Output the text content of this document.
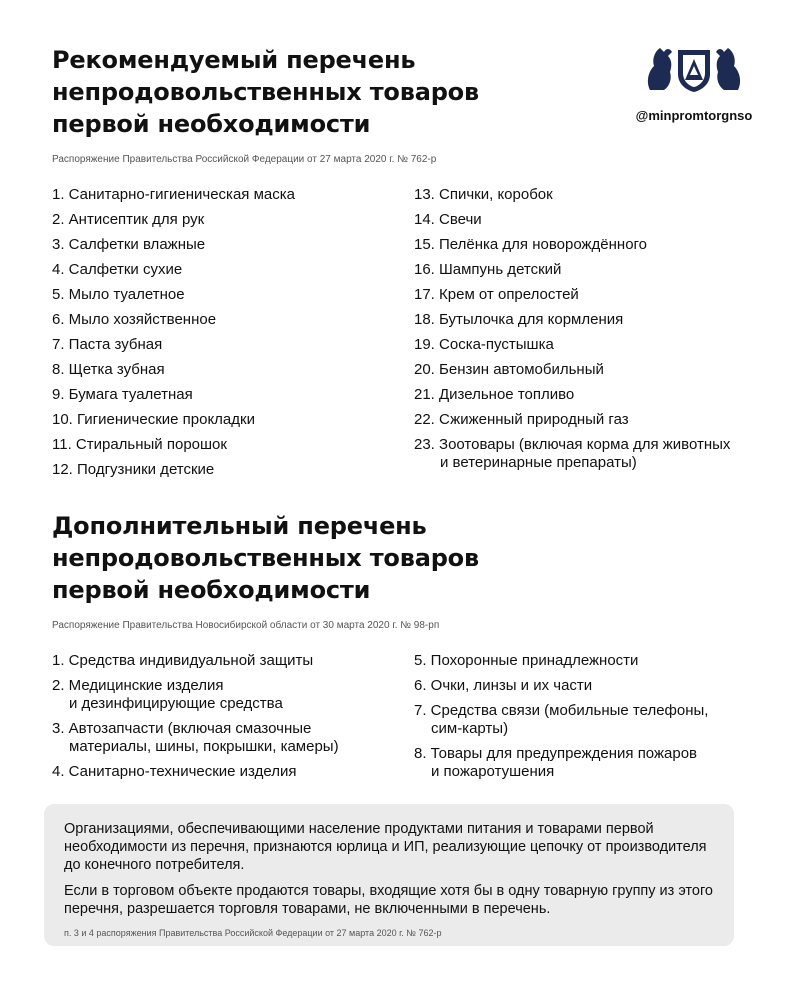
Рекомендуемый перечень
непродовольственных товаров
первой необходимости
Распоряжение Правительства Российской Федерации от 27 марта 2020 г. № 762-р
@minpromtorgnso
1. Санитарно-гигиеническая маска
2. Антисептик для рук
3. Салфетки влажные
4. Салфетки сухие
5. Мыло туалетное
6. Мыло хозяйственное
7. Паста зубная
8. Щетка зубная
9. Бумага туалетная
10. Гигиенические прокладки
11. Стиральный порошок
12. Подгузники детские
13. Спички, коробок
14. Свечи
15. Пелёнка для новорождённого
16. Шампунь детский
17. Крем от опрелостей
18. Бутылочка для кормления
19. Соска-пустышка
20. Бензин автомобильный
21. Дизельное топливо
22. Сжиженный природный газ
23. Зоотовары (включая корма для животных
и ветеринарные препараты)
Дополнительный перечень
непродовольственных товаров
первой необходимости
Распоряжение Правительства Новосибирской области от 30 марта 2020 г. № 98-рп
1. Средства индивидуальной защиты
2. Медицинские изделия
и дезинфицирующие средства
3. Автозапчасти (включая смазочные
материалы, шины, покрышки, камеры)
4. Санитарно-технические изделия
5. Похоронные принадлежности
6. Очки, линзы и их части
7. Средства связи (мобильные телефоны,
сим-карты)
8. Товары для предупреждения пожаров
и пожаротушения

Организациями, обеспечивающими население продуктами питания и товарами первой необходимости из перечня, признаются юрлица и ИП, реализующие цепочку от производителя до конечного потребителя.

Если в торговом объекте продаются товары, входящие хотя бы в одну товарную группу из этого перечня, разрешается торговля товарами, не включенными в перечень.

п. 3 и 4 распоряжения Правительства Российской Федерации от 27 марта 2020 г. № 762-р
